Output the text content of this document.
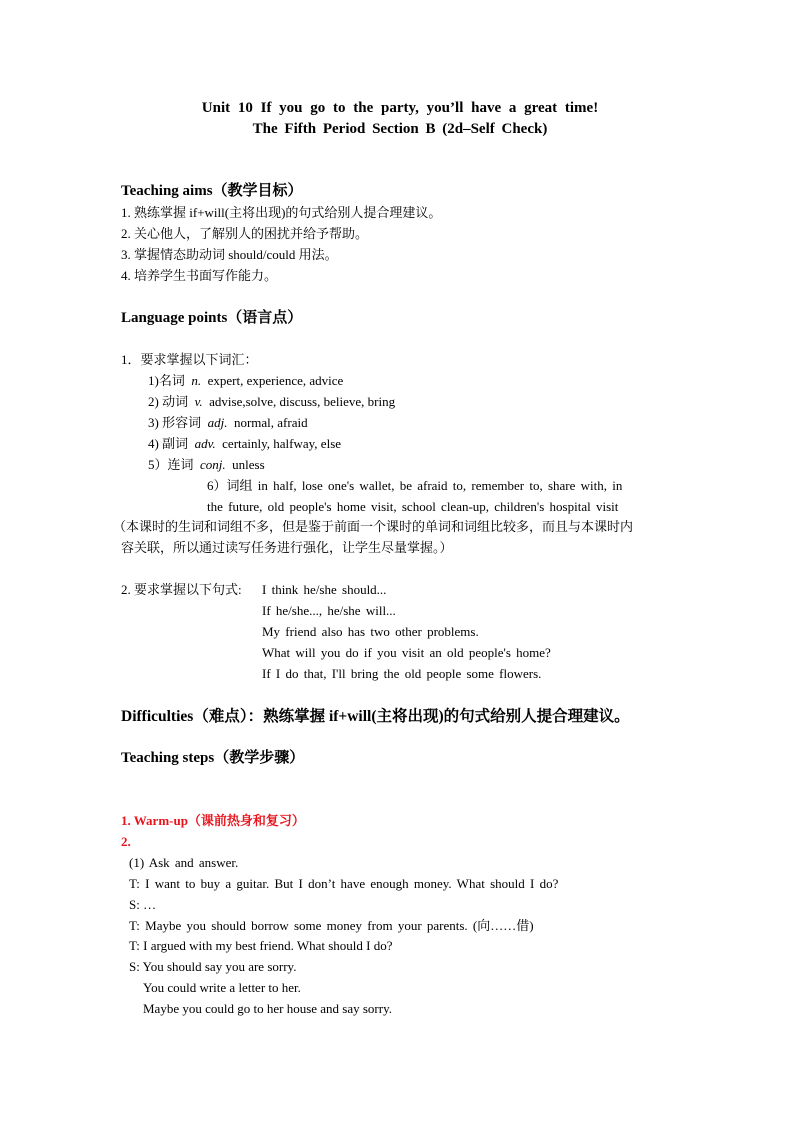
Unit 10 If you go to the party, you’ll have a great time!
The Fifth Period Section B (2d–Self Check)
Teaching aims（教学目标）
1. 熟练掌握 if+will(主将出现)的句式给别人提合理建议。
2. 关心他人，了解别人的困扰并给予帮助。
3. 掌握情态助动词 should/could 用法。
4. 培养学生书面写作能力。
Language points（语言点）
1．要求掌握以下词汇：
1)名词 n. expert, experience, advice
2) 动词 v. advise,solve, discuss, believe, bring
3) 形容词 adj. normal, afraid
4) 副词 adv. certainly, halfway, else
5）连词 conj. unless
6）词组 in half, lose one's wallet, be afraid to, remember to, share with, in
the future, old people's home visit, school clean-up, children's hospital visit
（本课时的生词和词组不多，但是鉴于前面一个课时的单词和词组比较多，而且与本课时内
容关联，所以通过读写任务进行强化，让学生尽量掌握。）
2. 要求掌握以下句式: I think he/she should...
If he/she..., he/she will...
My friend also has two other problems.
What will you do if you visit an old people's home?
If I do that, I'll bring the old people some flowers.
Difficulties（难点）：熟练掌握 if+will(主将出现)的句式给别人提合理建议。
Teaching steps（教学步骤）
1. Warm-up（课前热身和复习）
2.
(1) Ask and answer.
T: I want to buy a guitar. But I don’t have enough money. What should I do?
S: …
T: Maybe you should borrow some money from your parents. (向……借)
T: I argued with my best friend. What should I do?
S: You should say you are sorry.
You could write a letter to her.
Maybe you could go to her house and say sorry.
